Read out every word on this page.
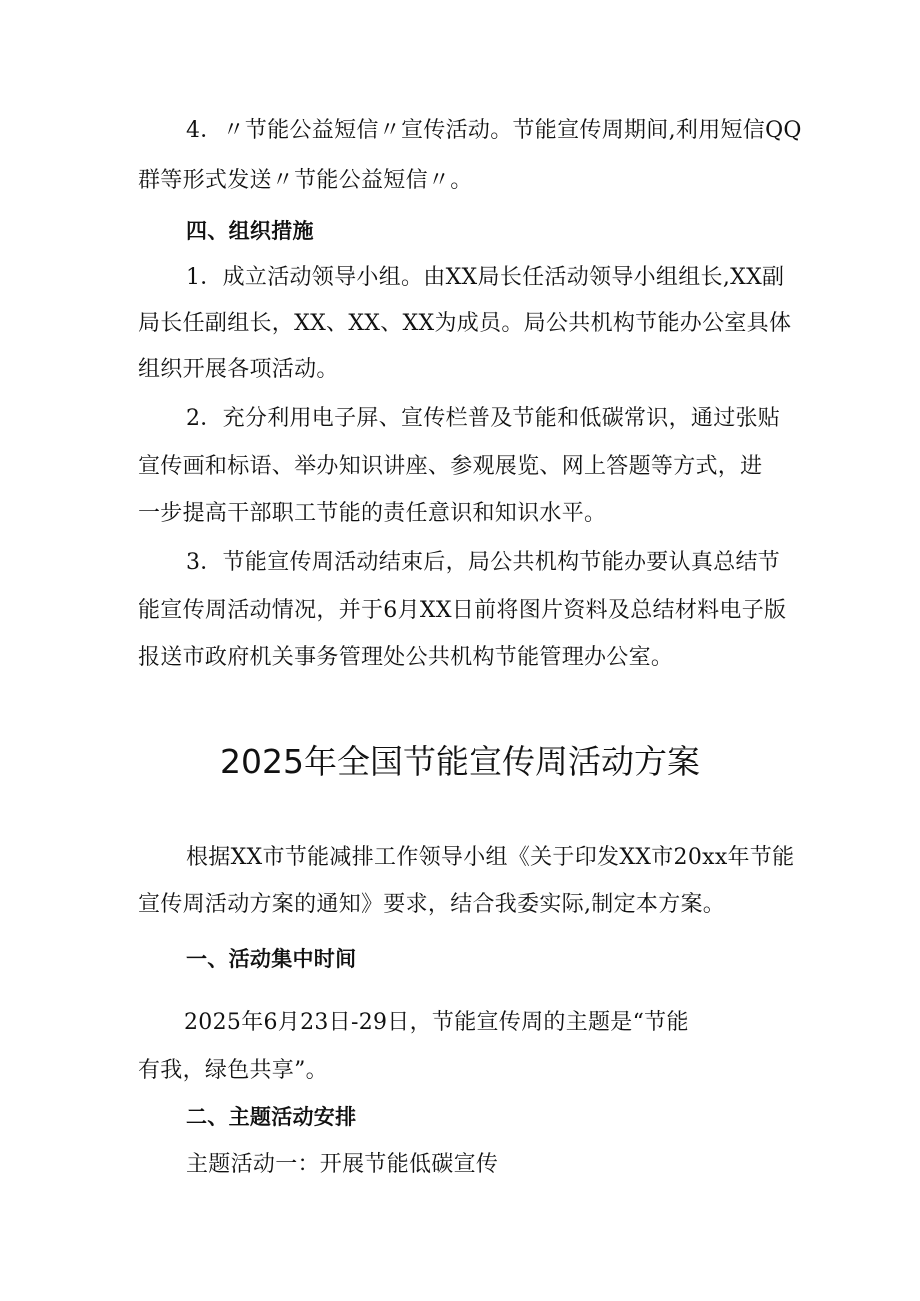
4．〃节能公益短信〃宣传活动。节能宣传周期间,利用短信QQ
群等形式发送〃节能公益短信〃。
四、组织措施
1．成立活动领导小组。由XX局长任活动领导小组组长,XX副
局长任副组长，XX、XX、XX为成员。局公共机构节能办公室具体
组织开展各项活动。
2．充分利用电子屏、宣传栏普及节能和低碳常识，通过张贴
宣传画和标语、举办知识讲座、参观展览、网上答题等方式，进
一步提高干部职工节能的责任意识和知识水平。
3．节能宣传周活动结束后，局公共机构节能办要认真总结节
能宣传周活动情况，并于6月XX日前将图片资料及总结材料电子版
报送市政府机关事务管理处公共机构节能管理办公室。
2025年全国节能宣传周活动方案
根据XX市节能减排工作领导小组《关于印发XX市20xx年节能
宣传周活动方案的通知》要求，结合我委实际,制定本方案。
一、活动集中时间
2025年6月23日-29日，节能宣传周的主题是“节能
有我，绿色共享”。
二、主题活动安排
主题活动一：开展节能低碳宣传
